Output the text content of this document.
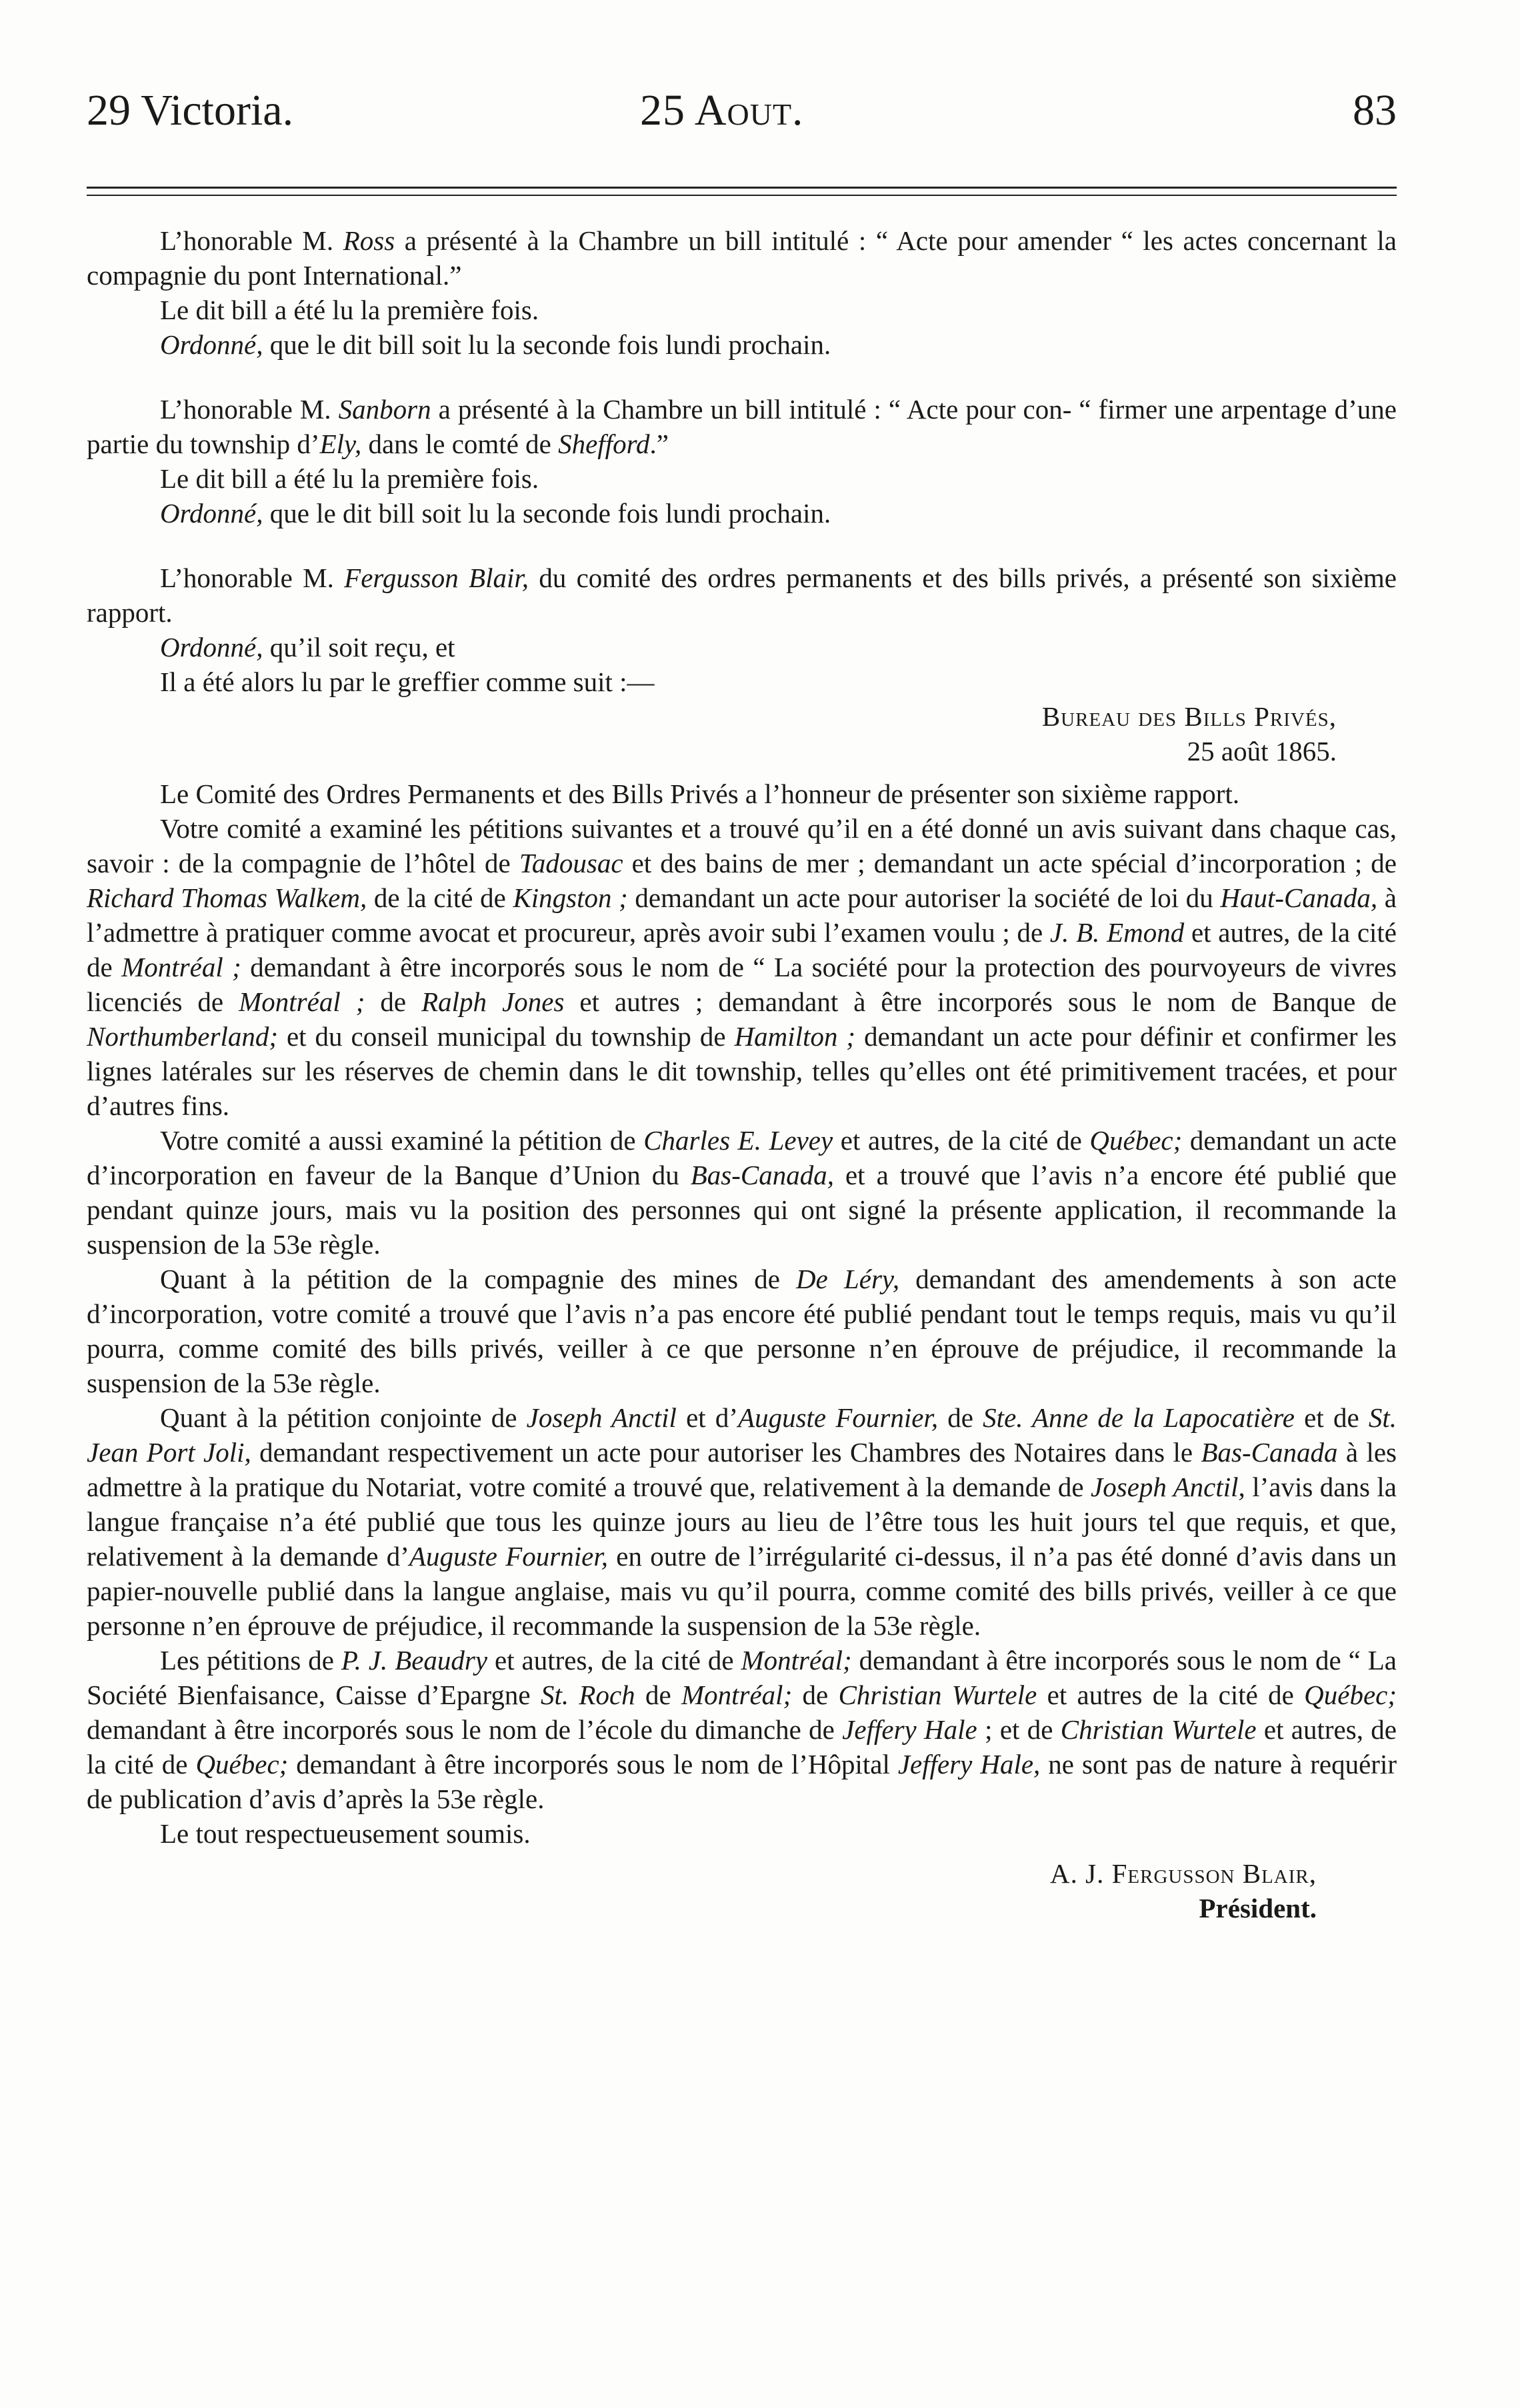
29 Victoria.	25 Aout.	83

L’honorable M. Ross a présenté à la Chambre un bill intitulé : “ Acte pour amender “ les actes concernant la compagnie du pont International.”

Le dit bill a été lu la première fois.

Ordonné, que le dit bill soit lu la seconde fois lundi prochain.

L’honorable M. Sanborn a présenté à la Chambre un bill intitulé : “ Acte pour con- “ firmer une arpentage d’une partie du township d’Ely, dans le comté de Shefford.”

Le dit bill a été lu la première fois.

Ordonné, que le dit bill soit lu la seconde fois lundi prochain.

L’honorable M. Fergusson Blair, du comité des ordres permanents et des bills privés, a présenté son sixième rapport.

Ordonné, qu’il soit reçu, et

Il a été alors lu par le greffier comme suit :—

Bureau des Bills Privés,

25 août 1865.

Le Comité des Ordres Permanents et des Bills Privés a l’honneur de présenter son sixième rapport.

Votre comité a examiné les pétitions suivantes et a trouvé qu’il en a été donné un avis suivant dans chaque cas, savoir : de la compagnie de l’hôtel de Tadousac et des bains de mer ; demandant un acte spécial d’incorporation ; de Richard Thomas Walkem, de la cité de Kingston ; demandant un acte pour autoriser la société de loi du Haut-Canada, à l’admettre à pratiquer comme avocat et procureur, après avoir subi l’examen voulu ; de J. B. Emond et autres, de la cité de Montréal ; demandant à être incorporés sous le nom de “ La société pour la protection des pourvoyeurs de vivres licenciés de Montréal ; de Ralph Jones et autres ; demandant à être incorporés sous le nom de Banque de Northumberland; et du conseil municipal du township de Hamilton ; demandant un acte pour définir et confirmer les lignes latérales sur les réserves de chemin dans le dit township, telles qu’elles ont été primitivement tracées, et pour d’autres fins.

Votre comité a aussi examiné la pétition de Charles E. Levey et autres, de la cité de Québec; demandant un acte d’incorporation en faveur de la Banque d’Union du Bas-Canada, et a trouvé que l’avis n’a encore été publié que pendant quinze jours, mais vu la position des personnes qui ont signé la présente application, il recommande la suspension de la 53e règle.

Quant à la pétition de la compagnie des mines de De Léry, demandant des amendements à son acte d’incorporation, votre comité a trouvé que l’avis n’a pas encore été publié pendant tout le temps requis, mais vu qu’il pourra, comme comité des bills privés, veiller à ce que personne n’en éprouve de préjudice, il recommande la suspension de la 53e règle.

Quant à la pétition conjointe de Joseph Anctil et d’Auguste Fournier, de Ste. Anne de la Lapocatière et de St. Jean Port Joli, demandant respectivement un acte pour autoriser les Chambres des Notaires dans le Bas-Canada à les admettre à la pratique du Notariat, votre comité a trouvé que, relativement à la demande de Joseph Anctil, l’avis dans la langue française n’a été publié que tous les quinze jours au lieu de l’être tous les huit jours tel que requis, et que, relativement à la demande d’Auguste Fournier, en outre de l’irrégularité ci-dessus, il n’a pas été donné d’avis dans un papier-nouvelle publié dans la langue anglaise, mais vu qu’il pourra, comme comité des bills privés, veiller à ce que personne n’en éprouve de préjudice, il recommande la suspension de la 53e règle.

Les pétitions de P. J. Beaudry et autres, de la cité de Montréal; demandant à être incorporés sous le nom de “ La Société Bienfaisance, Caisse d’Epargne St. Roch de Montréal; de Christian Wurtele et autres de la cité de Québec; demandant à être incorporés sous le nom de l’école du dimanche de Jeffery Hale ; et de Christian Wurtele et autres, de la cité de Québec; demandant à être incorporés sous le nom de l’Hôpital Jeffery Hale, ne sont pas de nature à requérir de publication d’avis d’après la 53e règle.

Le tout respectueusement soumis.

A. J. Fergusson Blair,

Président.
